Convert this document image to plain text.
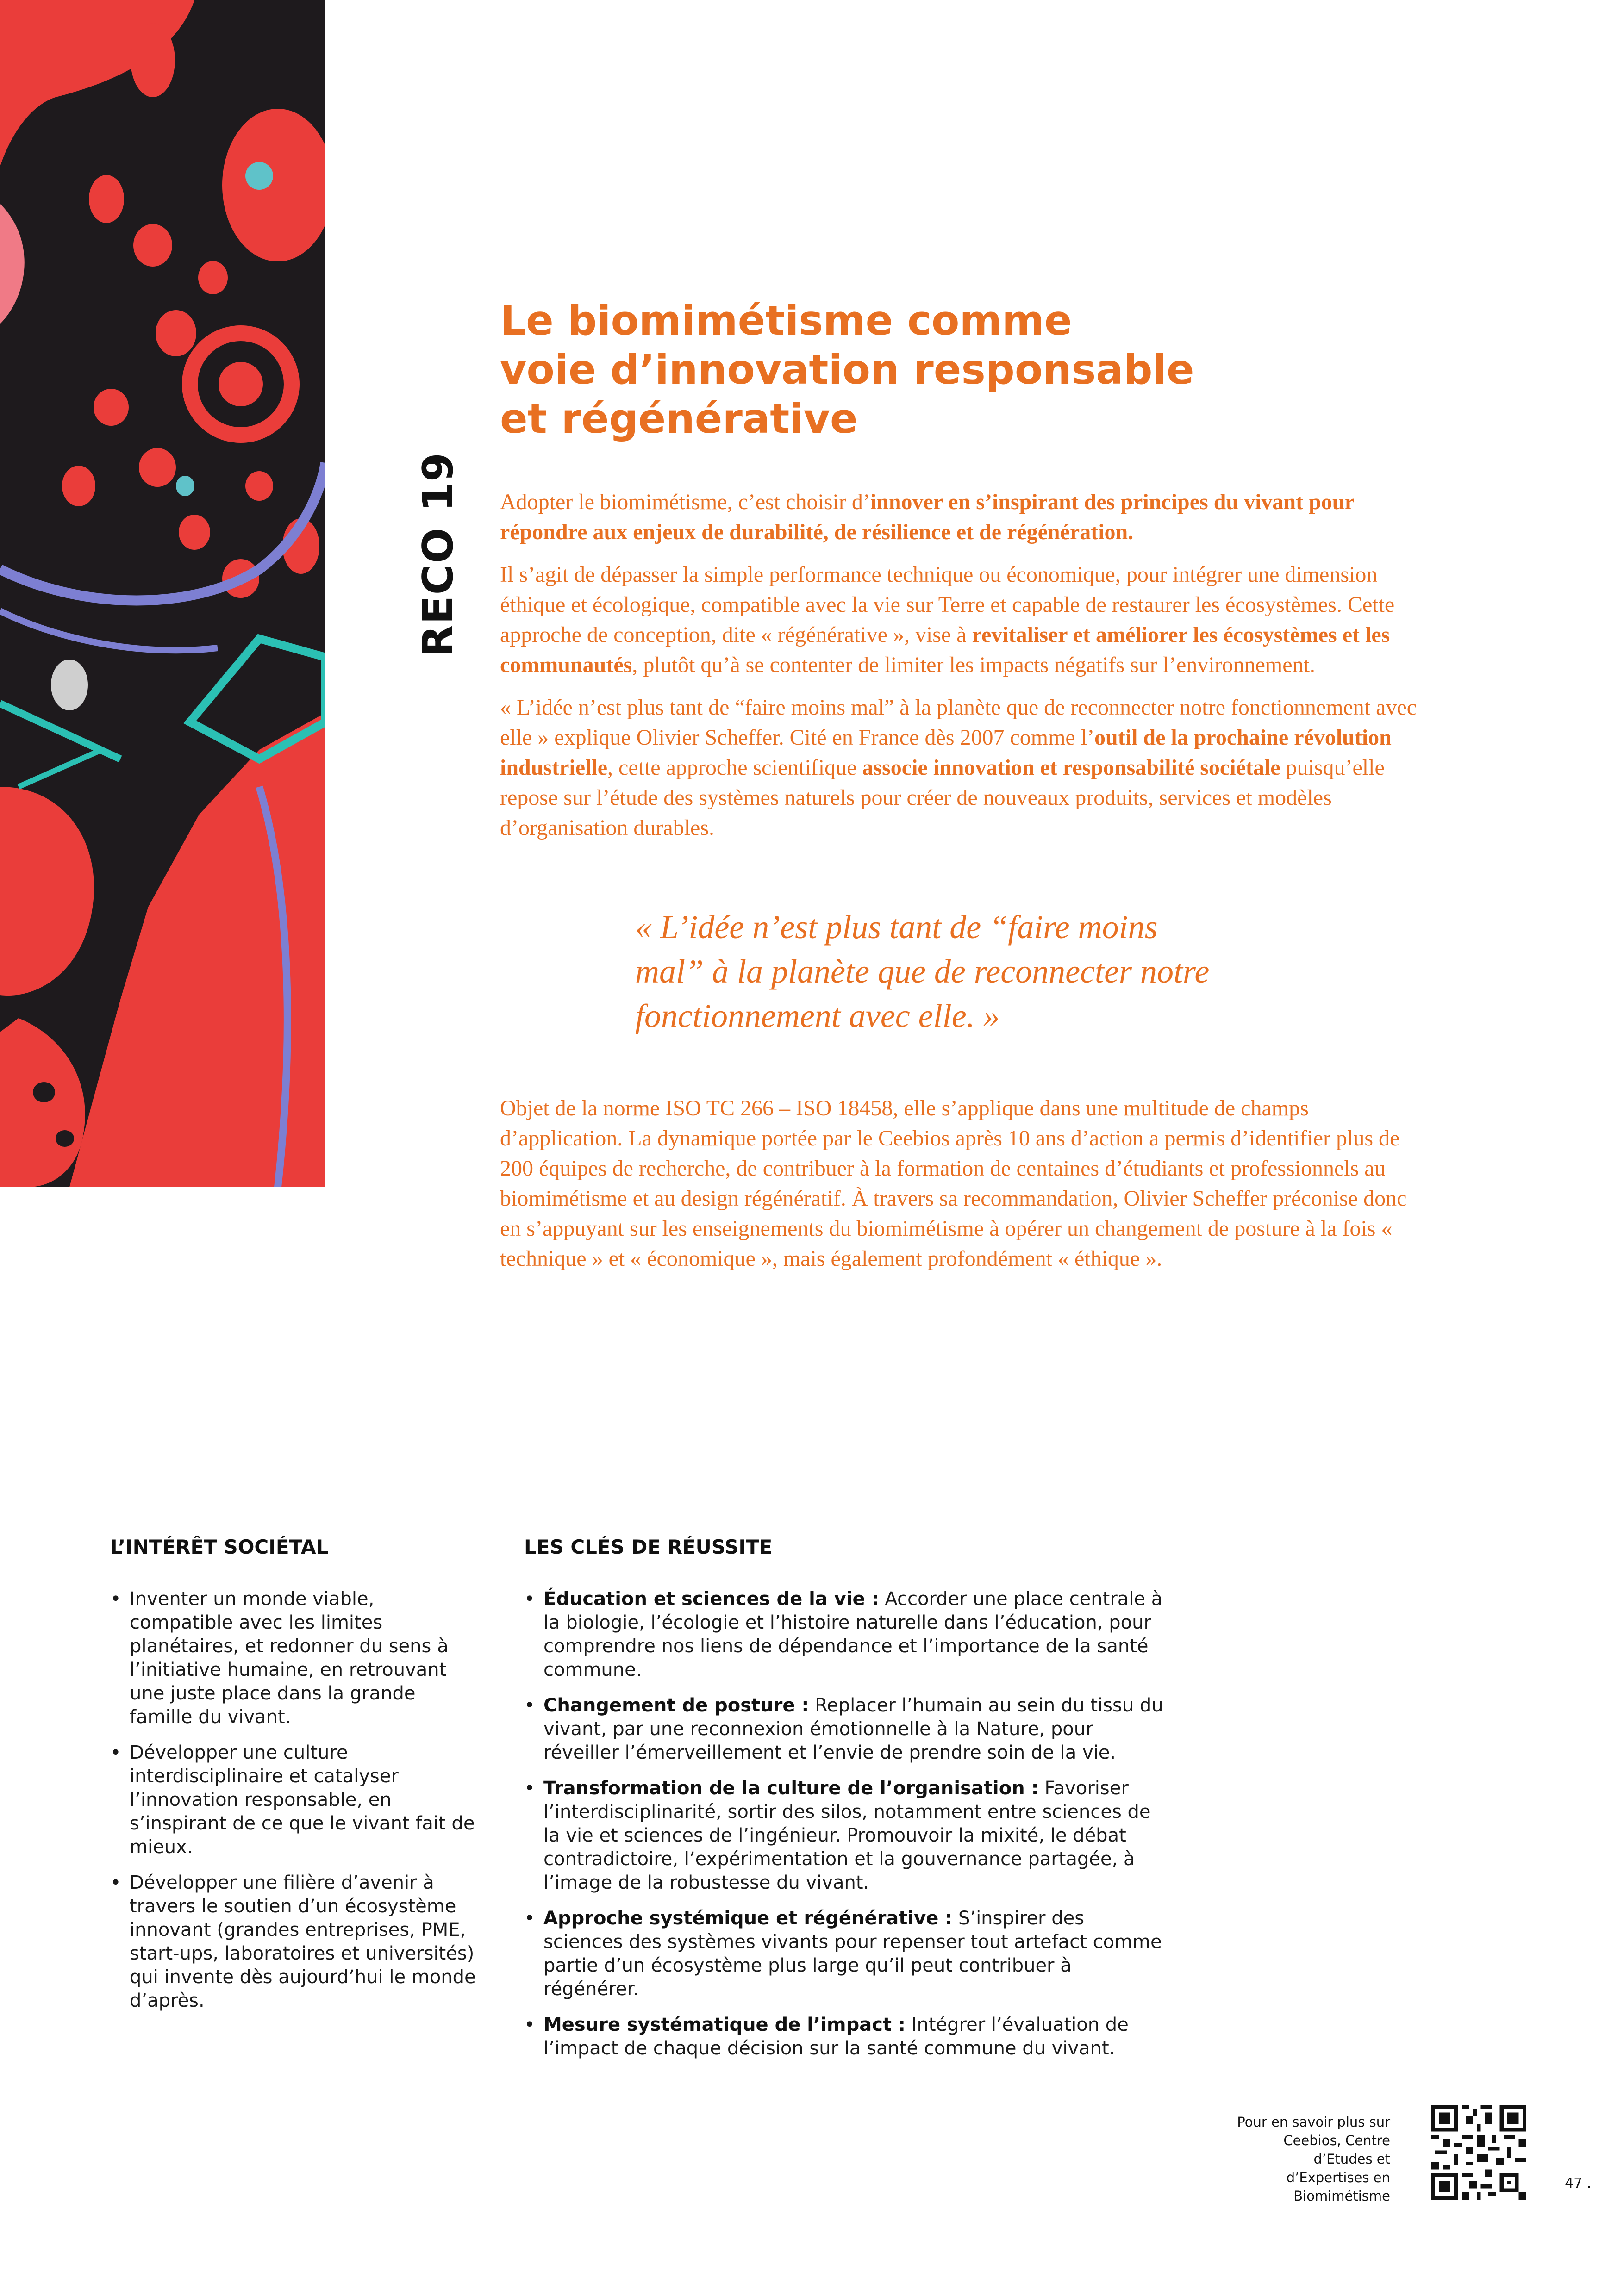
Le biomimétisme comme
voie d’innovation responsable
et régénérative
RECO 19 Adopter le biomimétisme, c’est choisir d’innover en s’inspirant des principes du vivant pour répondre aux enjeux de durabilité, de résilience et de régénération.

Il s’agit de dépasser la simple performance technique ou économique, pour intégrer une dimension éthique et écologique, compatible avec la vie sur Terre et capable de restaurer les écosystèmes. Cette approche de conception, dite « régénérative », vise à revitaliser et améliorer les écosystèmes et les communautés, plutôt qu’à se contenter de limiter les impacts négatifs sur l’environnement.

« L’idée n’est plus tant de “faire moins mal” à la planète que de reconnecter notre fonctionnement avec elle » explique Olivier Scheffer. Cité en France dès 2007 comme l’outil de la prochaine révolution industrielle, cette approche scientifique associe innovation et responsabilité sociétale puisqu’elle repose sur l’étude des systèmes naturels pour créer de nouveaux produits, services et modèles d’organisation durables.

« L’idée n’est plus tant de “faire moins
mal” à la planète que de reconnecter notre
fonctionnement avec elle. »

Objet de la norme ISO TC 266 – ISO 18458, elle s’applique dans une multitude de champs d’application. La dynamique portée par le Ceebios après 10 ans d’action a permis d’identifier plus de 200 équipes de recherche, de contribuer à la formation de centaines d’étudiants et professionnels au biomimétisme et au design régénératif. À travers sa recommandation, Olivier Scheffer préconise donc en s’appuyant sur les enseignements du biomimétisme à opérer un changement de posture à la fois « technique » et « économique », mais également profondément « éthique ».

L’INTÉRÊT SOCIÉTAL
• Inventer un monde viable, compatible avec les limites planétaires, et redonner du sens à l’initiative humaine, en retrouvant une juste place dans la grande famille du vivant.
• Développer une culture interdisciplinaire et catalyser l’innovation responsable, en s’inspirant de ce que le vivant fait de mieux.
• Développer une filière d’avenir à travers le soutien d’un écosystème innovant (grandes entreprises, PME, start-ups, laboratoires et universités) qui invente dès aujourd’hui le monde d’après.
LES CLÉS DE RÉUSSITE
• Éducation et sciences de la vie : Accorder une place centrale à la biologie, l’écologie et l’histoire naturelle dans l’éducation, pour comprendre nos liens de dépendance et l’importance de la santé commune.
• Changement de posture : Replacer l’humain au sein du tissu du vivant, par une reconnexion émotionnelle à la Nature, pour réveiller l’émerveillement et l’envie de prendre soin de la vie.
• Transformation de la culture de l’organisation : Favoriser l’interdisciplinarité, sortir des silos, notamment entre sciences de la vie et sciences de l’ingénieur. Promouvoir la mixité, le débat contradictoire, l’expérimentation et la gouvernance partagée, à l’image de la robustesse du vivant.
• Approche systémique et régénérative : S’inspirer des sciences des systèmes vivants pour repenser tout artefact comme partie d’un écosystème plus large qu’il peut contribuer à régénérer.
• Mesure systématique de l’impact : Intégrer l’évaluation de l’impact de chaque décision sur la santé commune du vivant.
Pour en savoir plus sur
Ceebios, Centre
d’Etudes et
d’Expertises en
Biomimétisme
47 .
